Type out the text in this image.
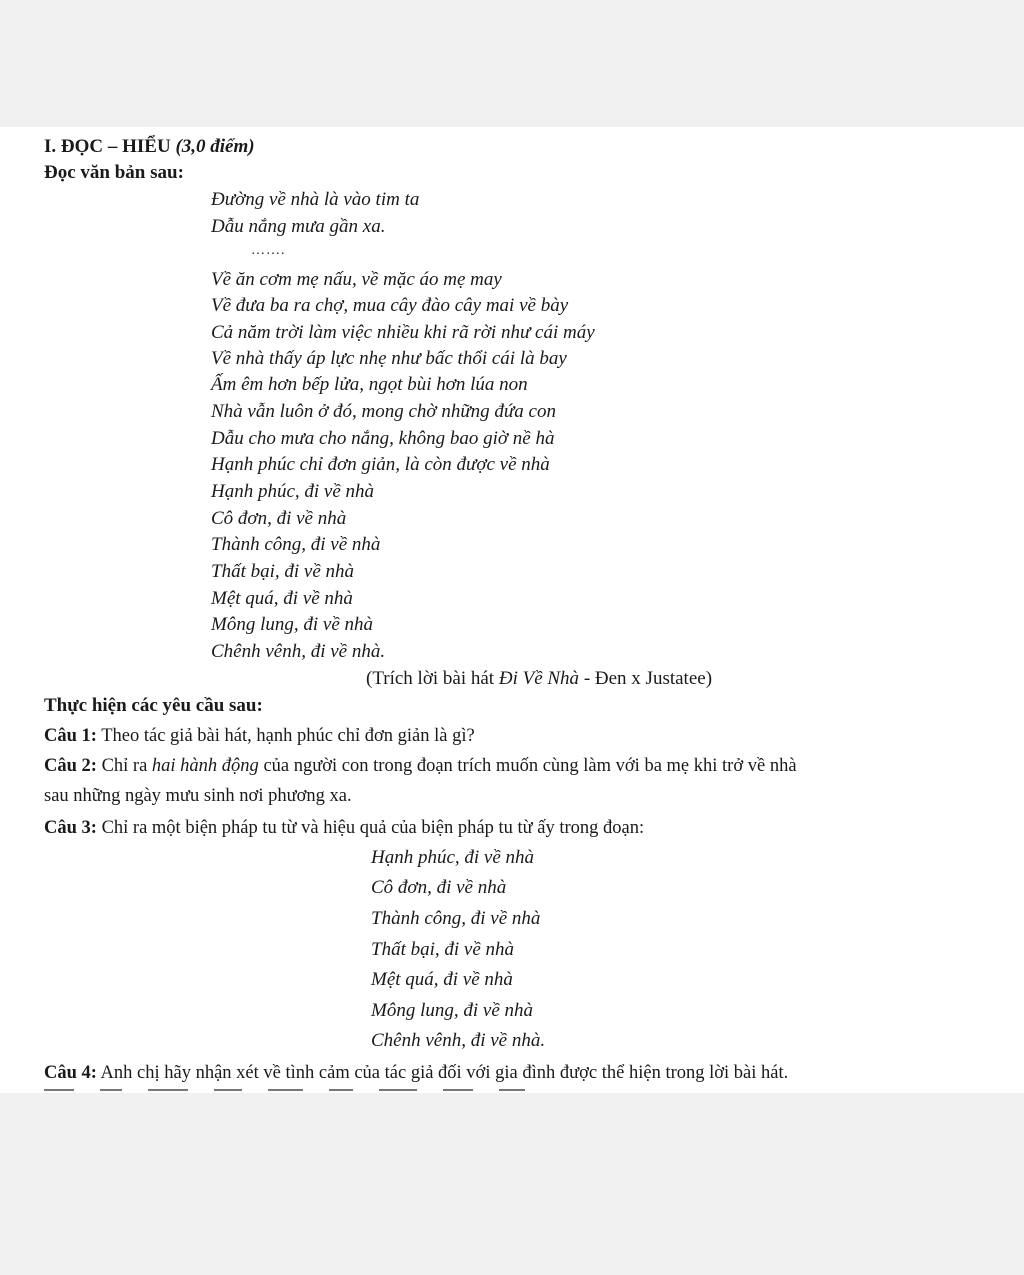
I. ĐỌC – HIỂU (3,0 điểm)
Đọc văn bản sau:
Đường về nhà là vào tim ta
Dẫu nắng mưa gần xa.
…….
Về ăn cơm mẹ nấu, về mặc áo mẹ may
Về đưa ba ra chợ, mua cây đào cây mai về bày
Cả năm trời làm việc nhiều khi rã rời như cái máy
Về nhà thấy áp lực nhẹ như bấc thổi cái là bay
Ấm êm hơn bếp lửa, ngọt bùi hơn lúa non
Nhà vẫn luôn ở đó, mong chờ những đứa con
Dẫu cho mưa cho nắng, không bao giờ nề hà
Hạnh phúc chỉ đơn giản, là còn được về nhà
Hạnh phúc, đi về nhà
Cô đơn, đi về nhà
Thành công, đi về nhà
Thất bại, đi về nhà
Mệt quá, đi về nhà
Mông lung, đi về nhà
Chênh vênh, đi về nhà.
(Trích lời bài hát Đi Về Nhà - Đen x Justatee)
Thực hiện các yêu cầu sau:
Câu 1: Theo tác giả bài hát, hạnh phúc chỉ đơn giản là gì?
Câu 2: Chỉ ra hai hành động của người con trong đoạn trích muốn cùng làm với ba mẹ khi trở về nhà
sau những ngày mưu sinh nơi phương xa.
Câu 3: Chỉ ra một biện pháp tu từ và hiệu quả của biện pháp tu từ ấy trong đoạn:
Hạnh phúc, đi về nhà
Cô đơn, đi về nhà
Thành công, đi về nhà
Thất bại, đi về nhà
Mệt quá, đi về nhà
Mông lung, đi về nhà
Chênh vênh, đi về nhà.
Câu 4: Anh chị hãy nhận xét về tình cảm của tác giả đối với gia đình được thể hiện trong lời bài hát.
